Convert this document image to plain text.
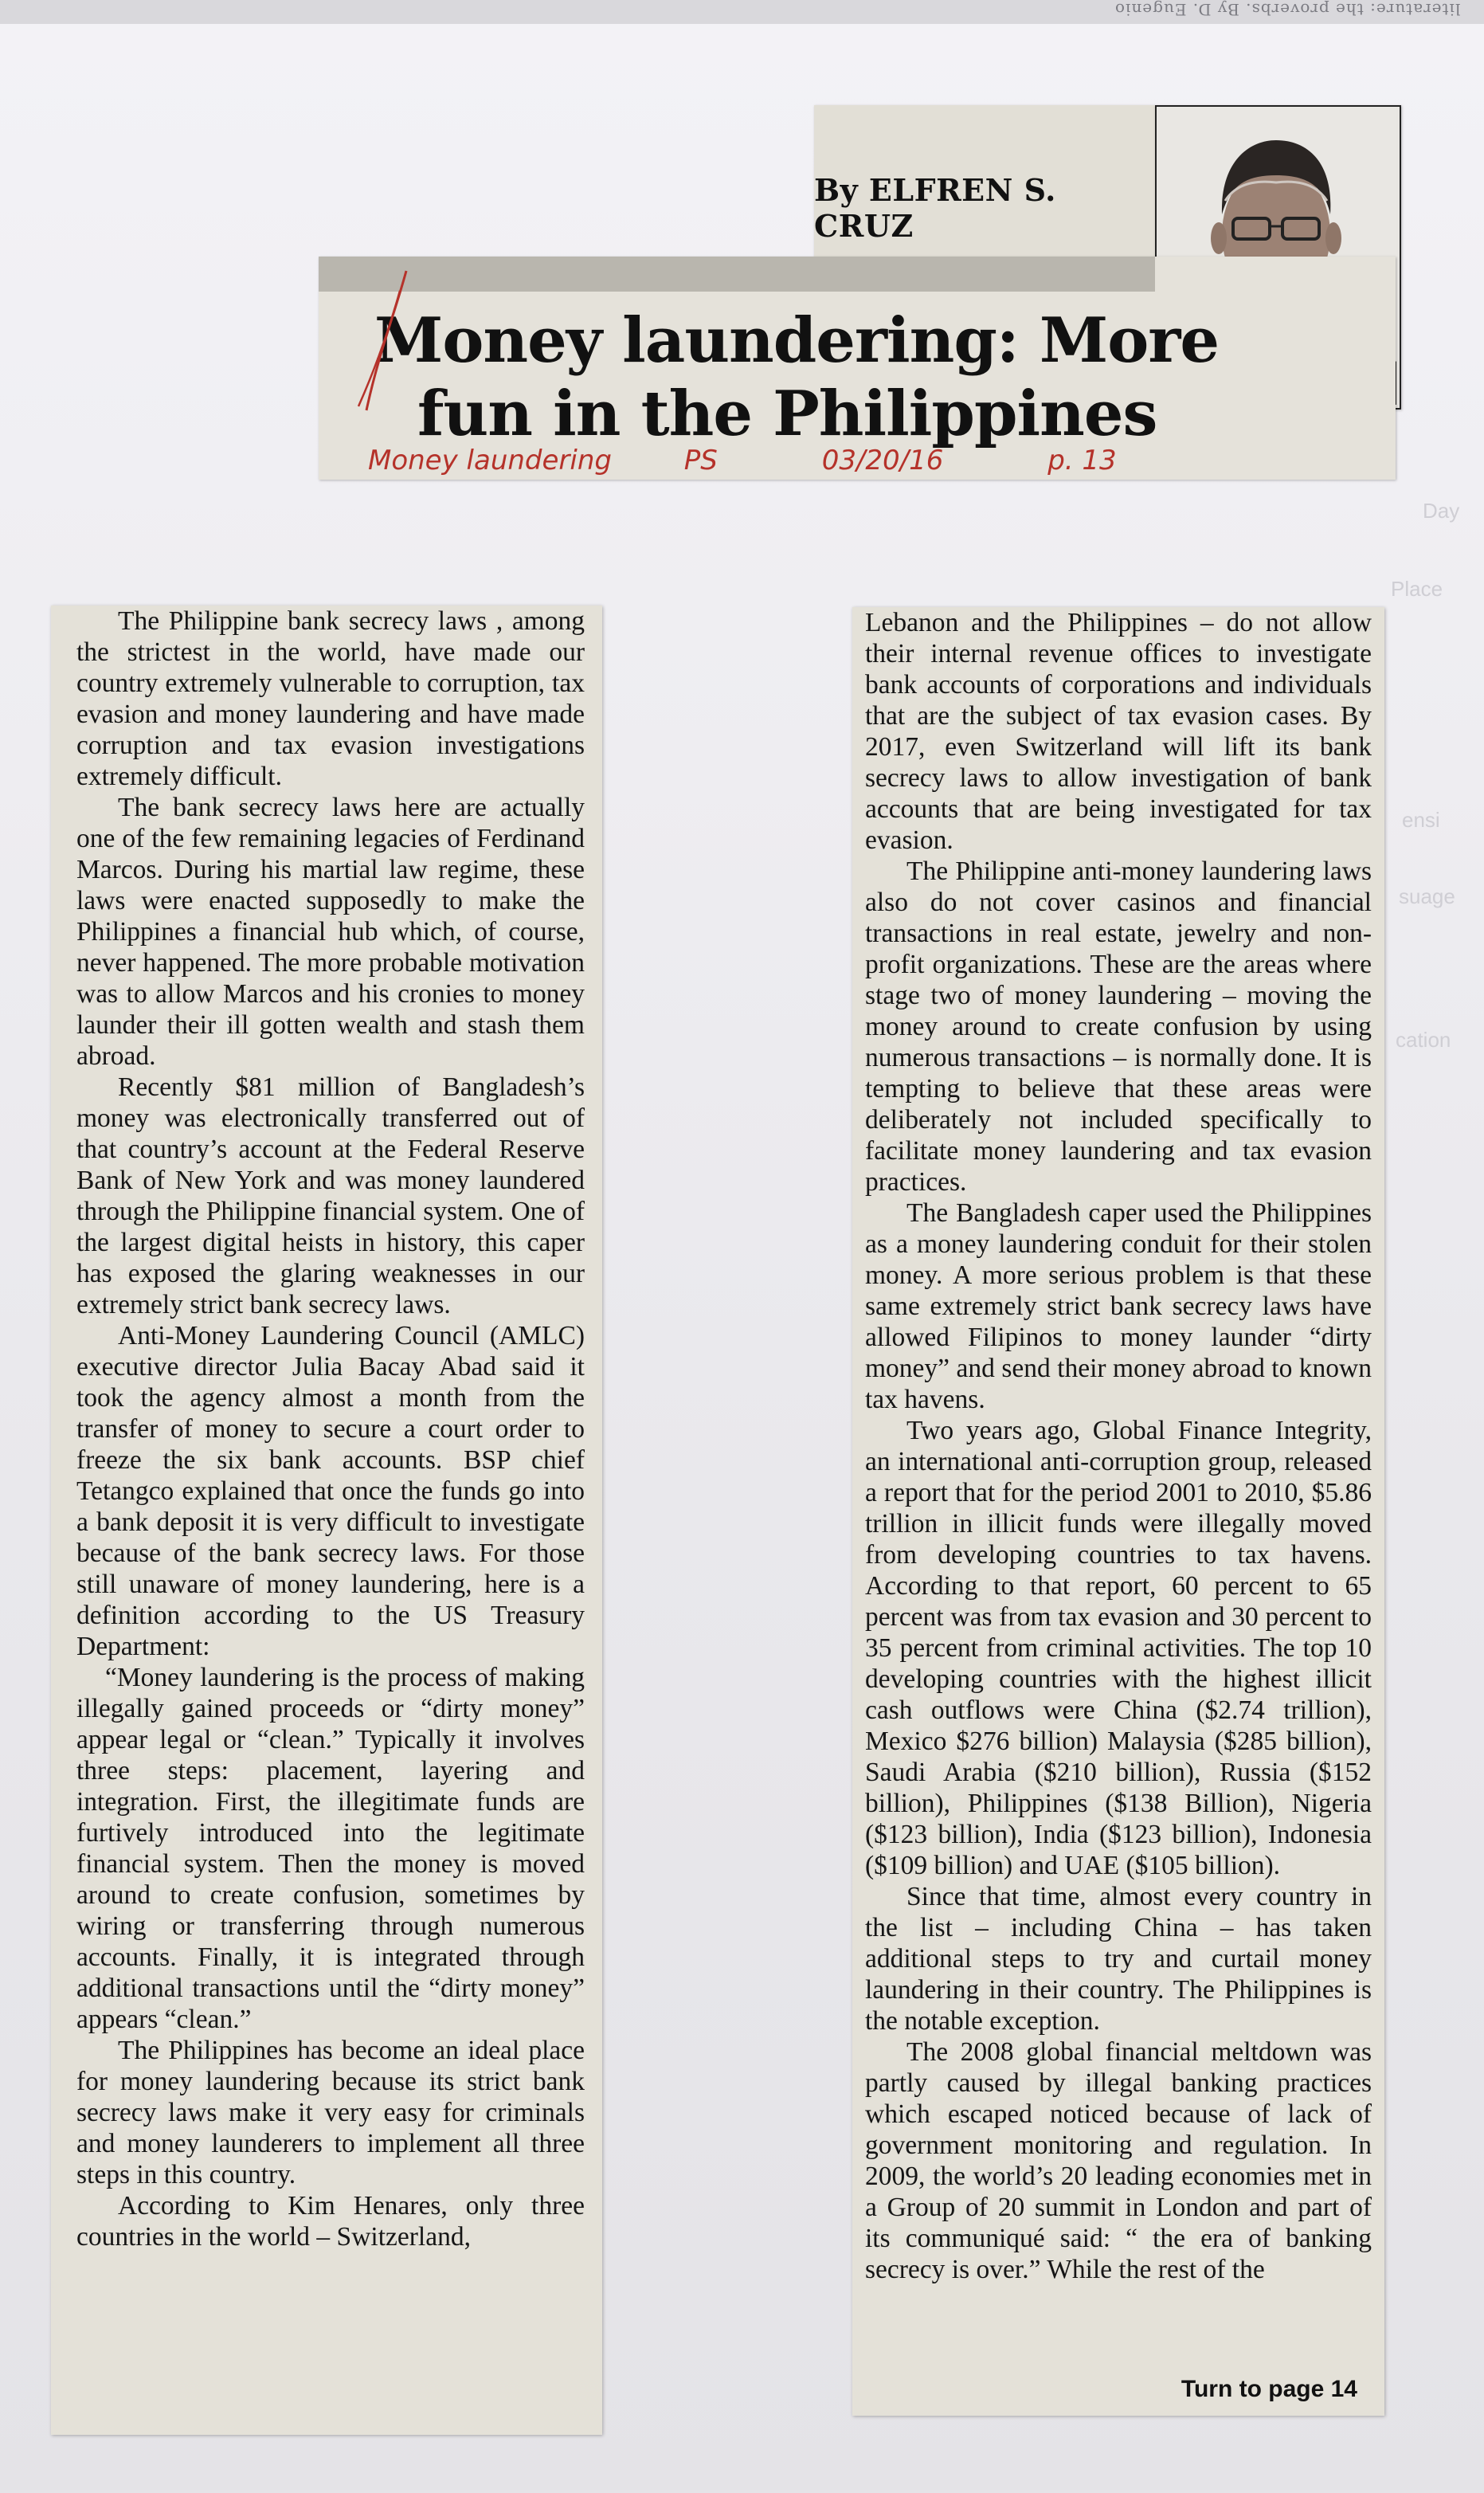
literature: the proverbs. By D. Eugenio
Day
Place
ensi
suage
cation
By ELFREN S. CRUZ
Money laundering: More
fun in the Philippines
Money laundering	PS	03/20/16	p. 13

The Philippine bank secrecy laws , among the strictest in the world, have made our country extremely vulnerable to corruption, tax evasion and money laundering and have made corruption and tax evasion investigations extremely difficult.

The bank secrecy laws here are actually one of the few remaining legacies of Ferdinand Marcos. During his martial law regime, these laws were enacted supposedly to make the Philippines a financial hub which, of course, never happened. The more probable motivation was to allow Marcos and his cronies to money launder their ill gotten wealth and stash them abroad.

Recently $81 million of Bangladesh’s money was electronically transferred out of that country’s account at the Federal Reserve Bank of New York and was money laundered through the Philippine financial system. One of the largest digital heists in history, this caper has exposed the glaring weaknesses in our extremely strict bank secrecy laws.

Anti-Money Laundering Council (AMLC) executive director Julia Bacay Abad said it took the agency almost a month from the transfer of money to secure a court order to freeze the six bank accounts. BSP chief Tetangco explained that once the funds go into a bank deposit it is very difficult to investigate because of the bank secrecy laws. For those still unaware of money laundering, here is a definition according to the US Treasury Department:

“Money laundering is the process of making illegally gained proceeds or “dirty money” appear legal or “clean.” Typically it involves three steps: placement, layering and integration. First, the illegitimate funds are furtively introduced into the legitimate financial system. Then the money is moved around to create confusion, sometimes by wiring or transferring through numerous accounts. Finally, it is integrated through additional transactions until the “dirty money” appears “clean.”

The Philippines has become an ideal place for money laundering because its strict bank secrecy laws make it very easy for criminals and money launderers to implement all three steps in this country.

According to Kim Henares, only three countries in the world – Switzerland,

Lebanon and the Philippines – do not allow their internal revenue offices to investigate bank accounts of corporations and individuals that are the subject of tax evasion cases. By 2017, even Switzerland will lift its bank secrecy laws to allow investigation of bank accounts that are being investigated for tax evasion.

The Philippine anti-money laundering laws also do not cover casinos and financial transactions in real estate, jewelry and non- profit organizations. These are the areas where stage two of money laundering – moving the money around to create confusion by using numerous transactions – is normally done. It is tempting to believe that these areas were deliberately not included specifically to facilitate money laundering and tax evasion practices.

The Bangladesh caper used the Philippines as a money laundering conduit for their stolen money. A more serious problem is that these same extremely strict bank secrecy laws have allowed Filipinos to money launder “dirty money” and send their money abroad to known tax havens.

Two years ago, Global Finance Integrity, an international anti-corruption group, released a report that for the period 2001 to 2010, $5.86 trillion in illicit funds were illegally moved from developing countries to tax havens. According to that report, 60 percent to 65 percent was from tax evasion and 30 percent to 35 percent from criminal activities. The top 10 developing countries with the highest illicit cash outflows were China ($2.74 trillion), Mexico $276 billion) Malaysia ($285 billion), Saudi Arabia ($210 billion), Russia ($152 billion), Philippines ($138 Billion), Nigeria ($123 billion), India ($123 billion), Indonesia ($109 billion) and UAE ($105 billion).

Since that time, almost every country in the list – including China – has taken additional steps to try and curtail money laundering in their country. The Philippines is the notable exception.

The 2008 global financial meltdown was partly caused by illegal banking practices which escaped noticed because of lack of government monitoring and regulation. In 2009, the world’s 20 leading economies met in a Group of 20 summit in London and part of its communiqué said: “ the era of banking secrecy is over.” While the rest of the

Turn to page 14
